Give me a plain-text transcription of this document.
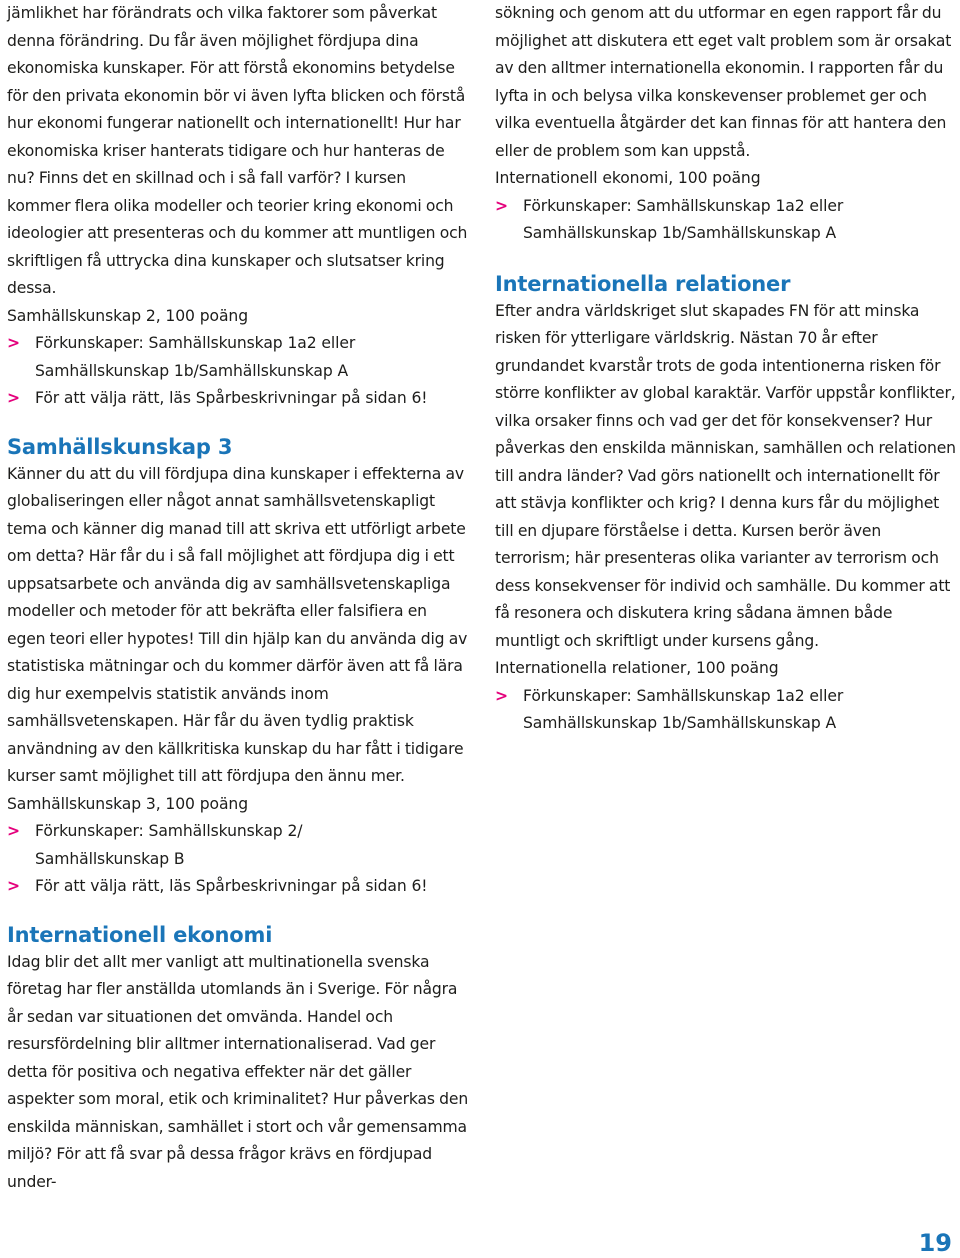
jämlikhet har förändrats och vilka faktorer som påverkat denna förändring. Du får även möjlighet fördjupa dina ekonomiska kunskaper. För att förstå ekonomins betydelse för den privata ekonomin bör vi även lyfta blicken och förstå hur ekonomi fungerar nationellt och internationellt! Hur har ekonomiska kriser hanterats tidigare och hur hanteras de nu? Finns det en skillnad och i så fall varför? I kursen kommer flera olika modeller och teorier kring ekonomi och ideologier att presenteras och du kommer att muntligen och skriftligen få uttrycka dina kunskaper och slutsatser kring dessa.

Samhällskunskap 2, 100 poäng

> Förkunskaper: Samhällskunskap 1a2 eller
Samhällskunskap 1b/Samhällskunskap A
> För att välja rätt, läs Spårbeskrivningar på sidan 6!
Samhällskunskap 3

Känner du att du vill fördjupa dina kunskaper i effekterna av globaliseringen eller något annat samhällsvetenskapligt tema och känner dig manad till att skriva ett utförligt arbete om detta? Här får du i så fall möjlighet att fördjupa dig i ett uppsatsarbete och använda dig av samhällsvetenskapliga modeller och metoder för att bekräfta eller falsifiera en egen teori eller hypotes! Till din hjälp kan du använda dig av statistiska mätningar och du kommer därför även att få lära dig hur exempelvis statistik används inom samhällsvetenskapen. Här får du även tydlig praktisk användning av den källkritiska kunskap du har fått i tidigare kurser samt möjlighet till att fördjupa den ännu mer.

Samhällskunskap 3, 100 poäng

> Förkunskaper: Samhällskunskap 2/
Samhällskunskap B
> För att välja rätt, läs Spårbeskrivningar på sidan 6!
Internationell ekonomi

Idag blir det allt mer vanligt att multinationella svenska företag har fler anställda utomlands än i Sverige. För några år sedan var situationen det omvända. Handel och resursfördelning blir alltmer internationaliserad. Vad ger detta för positiva och negativa effekter när det gäller aspekter som moral, etik och kriminalitet? Hur påverkas den enskilda människan, samhället i stort och vår gemensamma miljö? För att få svar på dessa frågor krävs en fördjupad under-

sökning och genom att du utformar en egen rapport får du möjlighet att diskutera ett eget valt problem som är orsakat av den alltmer internationella ekonomin. I rapporten får du lyfta in och belysa vilka konskevenser problemet ger och vilka eventuella åtgärder det kan finnas för att hantera den eller de problem som kan uppstå.

Internationell ekonomi, 100 poäng

> Förkunskaper: Samhällskunskap 1a2 eller
Samhällskunskap 1b/Samhällskunskap A
Internationella relationer

Efter andra världskriget slut skapades FN för att minska risken för ytterligare världskrig. Nästan 70 år efter grundandet kvarstår trots de goda intentionerna risken för större konflikter av global karaktär. Varför uppstår konflikter, vilka orsaker finns och vad ger det för konsekvenser? Hur påverkas den enskilda människan, samhällen och relationen till andra länder? Vad görs nationellt och internationellt för att stävja konflikter och krig? I denna kurs får du möjlighet till en djupare förståelse i detta. Kursen berör även terrorism; här presenteras olika varianter av terrorism och dess konsekvenser för individ och samhälle. Du kommer att få resonera och diskutera kring sådana ämnen både muntligt och skriftligt under kursens gång.

Internationella relationer, 100 poäng

> Förkunskaper: Samhällskunskap 1a2 eller
Samhällskunskap 1b/Samhällskunskap A
19
